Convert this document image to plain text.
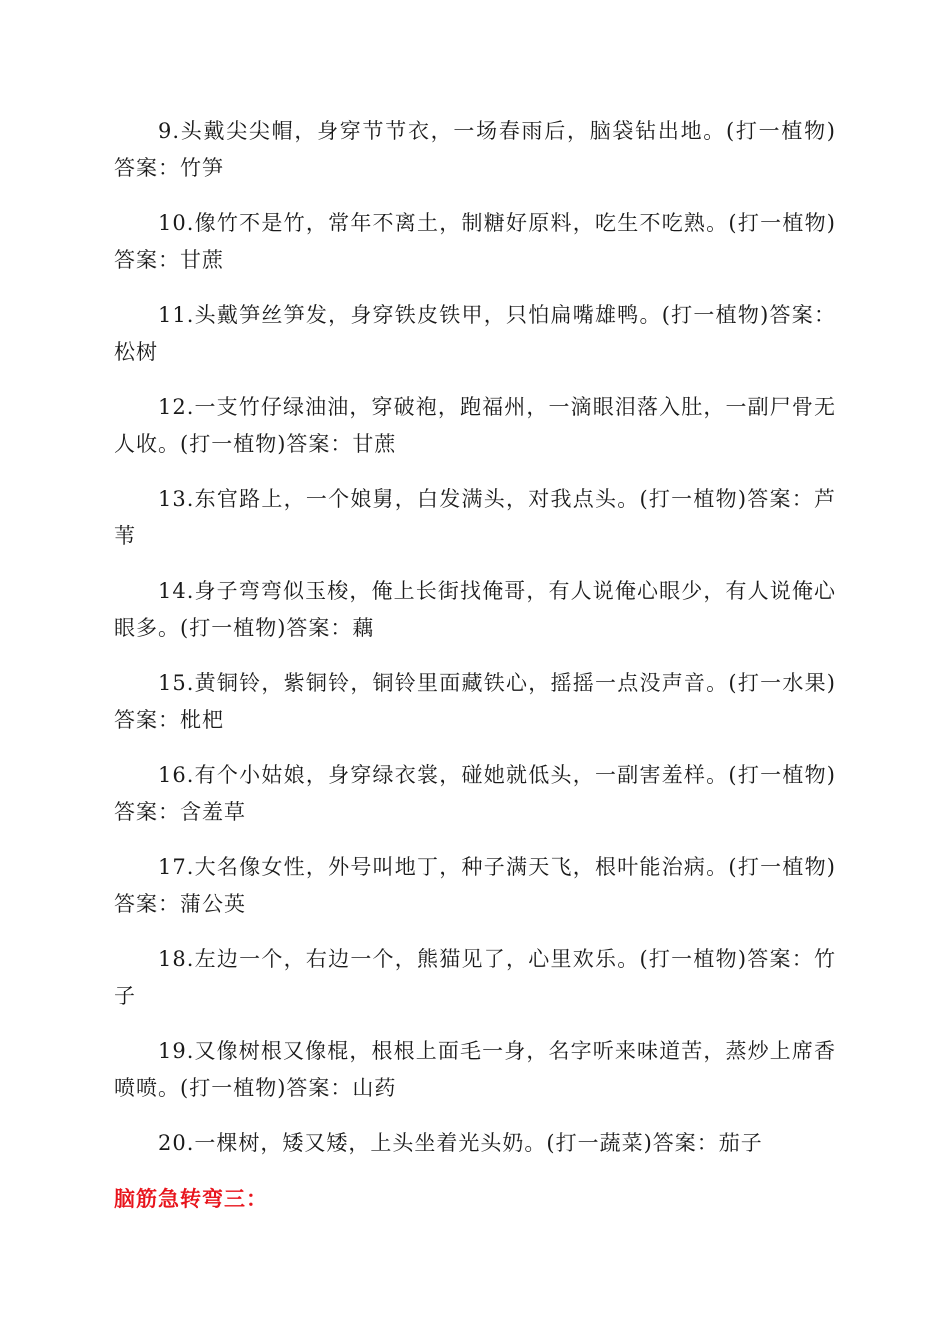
9.头戴尖尖帽，身穿节节衣，一场春雨后，脑袋钻出地。(打一植物)答案：竹笋

10.像竹不是竹，常年不离土，制糖好原料，吃生不吃熟。(打一植物)答案：甘蔗

11.头戴笋丝笋发，身穿铁皮铁甲，只怕扁嘴雄鸭。(打一植物)答案：松树

12.一支竹仔绿油油，穿破袍，跑福州，一滴眼泪落入肚，一副尸骨无人收。(打一植物)答案：甘蔗

13.东官路上，一个娘舅，白发满头，对我点头。(打一植物)答案：芦苇

14.身子弯弯似玉梭，俺上长街找俺哥，有人说俺心眼少，有人说俺心眼多。(打一植物)答案：藕

15.黄铜铃，紫铜铃，铜铃里面藏铁心，摇摇一点没声音。(打一水果)答案：枇杷

16.有个小姑娘，身穿绿衣裳，碰她就低头，一副害羞样。(打一植物)答案：含羞草

17.大名像女性，外号叫地丁，种子满天飞，根叶能治病。(打一植物)答案：蒲公英

18.左边一个，右边一个，熊猫见了，心里欢乐。(打一植物)答案：竹子

19.又像树根又像棍，根根上面毛一身，名字听来味道苦，蒸炒上席香喷喷。(打一植物)答案：山药

20.一棵树，矮又矮，上头坐着光头奶。(打一蔬菜)答案：茄子

脑筋急转弯三：
